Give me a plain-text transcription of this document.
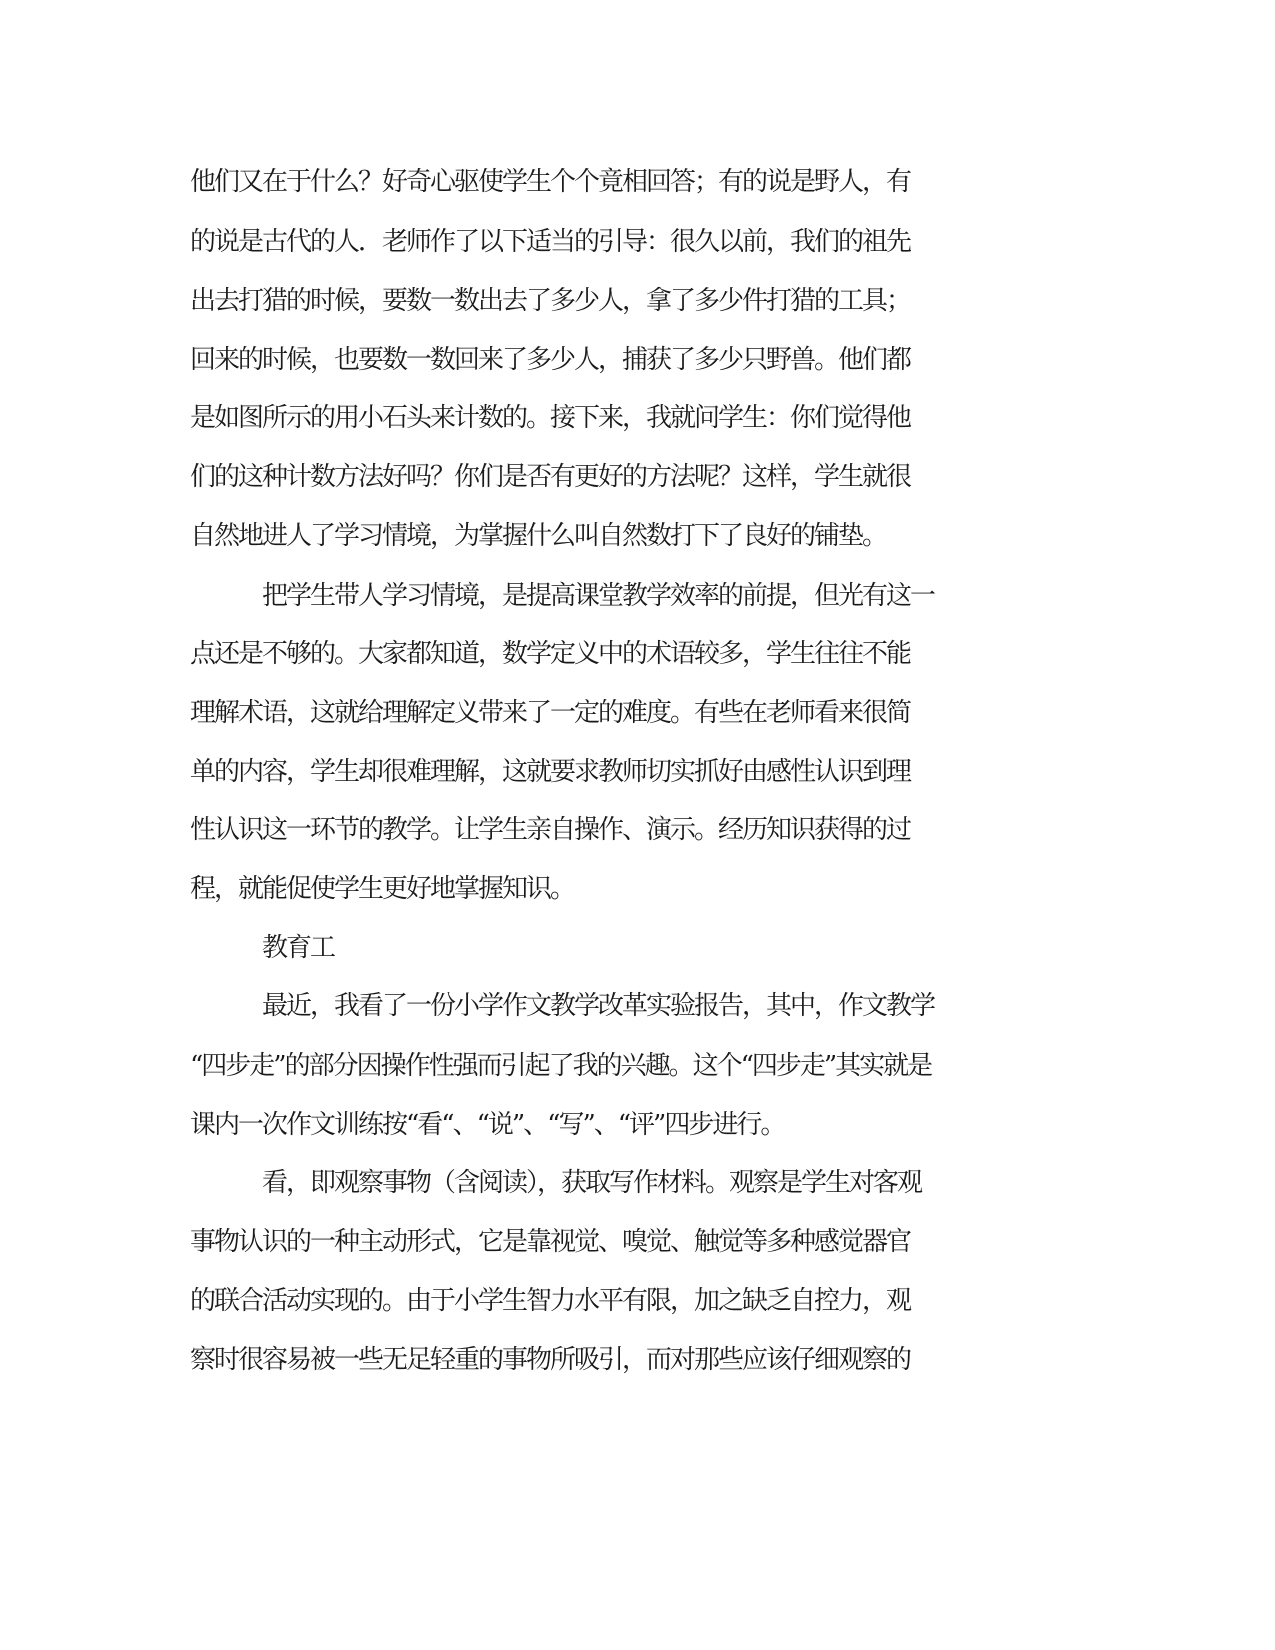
他们又在于什么？好奇心驱使学生个个竟相回答；有的说是野人，有
的说是古代的人．老师作了以下适当的引导：很久以前，我们的祖先
出去打猎的时候，要数一数出去了多少人，拿了多少件打猎的工具；
回来的时候，也要数一数回来了多少人，捕获了多少只野兽。他们都
是如图所示的用小石头来计数的。接下来，我就问学生：你们觉得他
们的这种计数方法好吗？你们是否有更好的方法呢？这样，学生就很
自然地进人了学习情境，为掌握什么叫自然数打下了良好的铺垫。
把学生带人学习情境，是提高课堂教学效率的前提，但光有这一
点还是不够的。大家都知道，数学定义中的术语较多，学生往往不能
理解术语，这就给理解定义带来了一定的难度。有些在老师看来很简
单的内容，学生却很难理解，这就要求教师切实抓好由感性认识到理
性认识这一环节的教学。让学生亲自操作、演示。经历知识获得的过
程，就能促使学生更好地掌握知识。
教育工
最近，我看了一份小学作文教学改革实验报告，其中，作文教学
“四步走”的部分因操作性强而引起了我的兴趣。这个“四步走”其实就是
课内一次作文训练按“看“、“说”、“写”、“评”四步进行。
看，即观察事物（含阅读），获取写作材料。观察是学生对客观
事物认识的一种主动形式，它是靠视觉、嗅觉、触觉等多种感觉器官
的联合活动实现的。由于小学生智力水平有限，加之缺乏自控力，观
察时很容易被一些无足轻重的事物所吸引，而对那些应该仔细观察的
